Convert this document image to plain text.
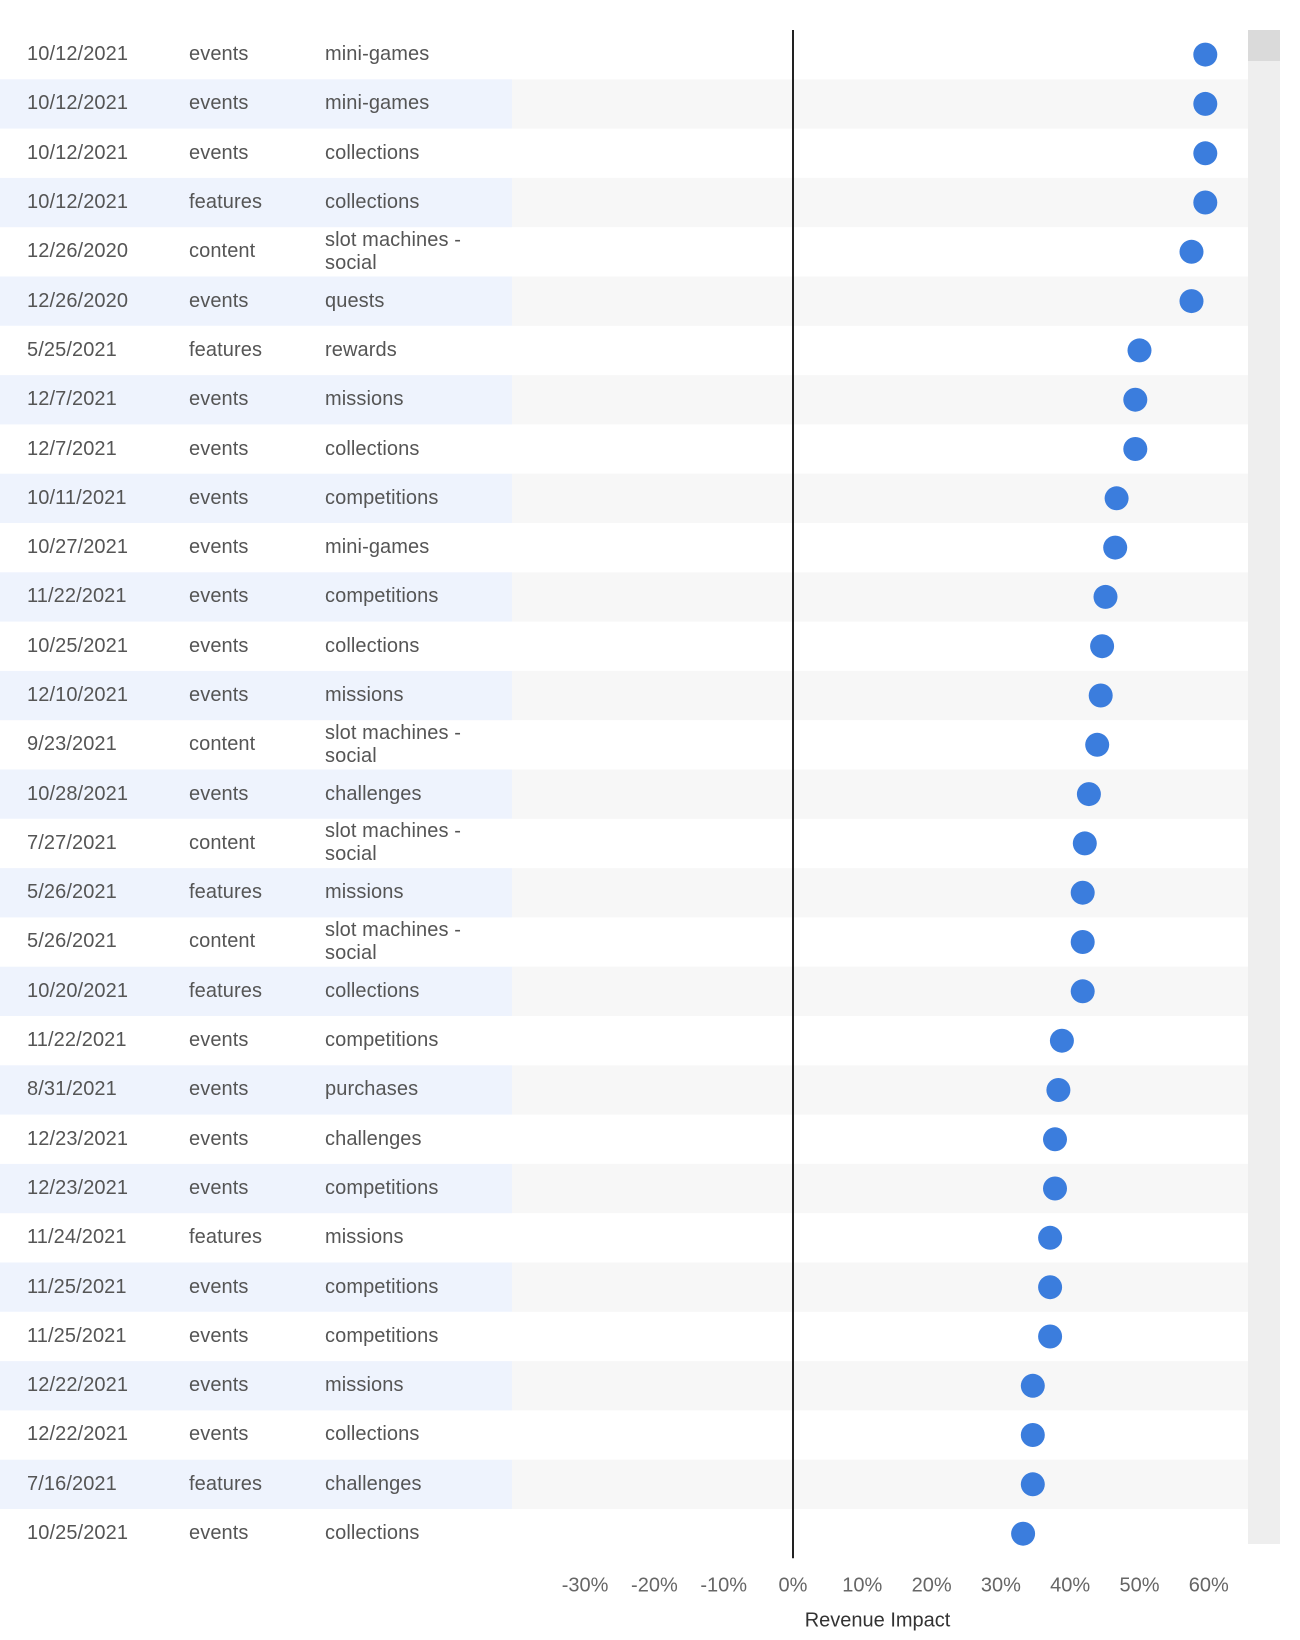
-30% -20% -10% 0% 10% 20% 30% 40% 50% 60%
Revenue Impact
10/12/2021	events	mini-games
10/12/2021	events	mini-games
10/12/2021	events	collections
10/12/2021	features	collections
12/26/2020	content
slot machines - social
12/26/2020	events	quests
5/25/2021	features	rewards
12/7/2021	events	missions
12/7/2021	events	collections
10/11/2021	events	competitions
10/27/2021	events	mini-games
11/22/2021	events	competitions
10/25/2021	events	collections
12/10/2021	events	missions
9/23/2021	content
slot machines - social
10/28/2021	events	challenges
7/27/2021	content
slot machines - social
5/26/2021	features	missions
5/26/2021	content
slot machines - social
10/20/2021	features	collections
11/22/2021	events	competitions
8/31/2021	events	purchases
12/23/2021	events	challenges
12/23/2021	events	competitions
11/24/2021	features	missions
11/25/2021	events	competitions
11/25/2021	events	competitions
12/22/2021	events	missions
12/22/2021	events	collections
7/16/2021	features	challenges
10/25/2021	events	collections
